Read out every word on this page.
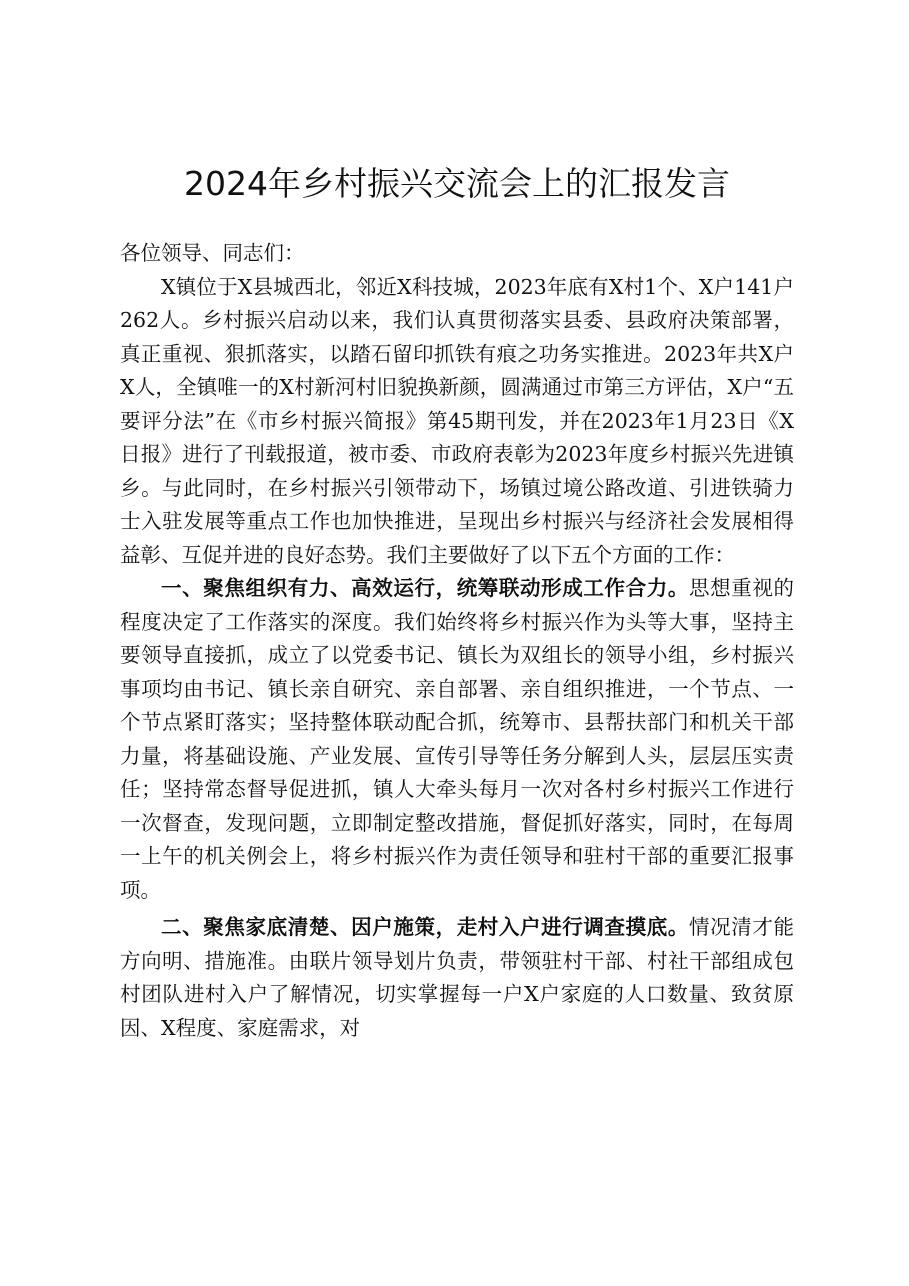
2024年乡村振兴交流会上的汇报发言

各位领导、同志们：

X镇位于X县城西北，邻近X科技城，2023年底有X村1个、X户141户262人。乡村振兴启动以来，我们认真贯彻落实县委、县政府决策部署，真正重视、狠抓落实，以踏石留印抓铁有痕之功务实推进。2023年共X户X人，全镇唯一的X村新河村旧貌换新颜，圆满通过市第三方评估，X户“五要评分法”在《市乡村振兴简报》第45期刊发，并在2023年1月23日《X日报》进行了刊载报道，被市委、市政府表彰为2023年度乡村振兴先进镇乡。与此同时，在乡村振兴引领带动下，场镇过境公路改道、引进铁骑力士入驻发展等重点工作也加快推进，呈现出乡村振兴与经济社会发展相得益彰、互促并进的良好态势。我们主要做好了以下五个方面的工作：

一、聚焦组织有力、高效运行，统筹联动形成工作合力。思想重视的程度决定了工作落实的深度。我们始终将乡村振兴作为头等大事，坚持主要领导直接抓，成立了以党委书记、镇长为双组长的领导小组，乡村振兴事项均由书记、镇长亲自研究、亲自部署、亲自组织推进，一个节点、一个节点紧盯落实；坚持整体联动配合抓，统筹市、县帮扶部门和机关干部力量，将基础设施、产业发展、宣传引导等任务分解到人头，层层压实责任；坚持常态督导促进抓，镇人大牵头每月一次对各村乡村振兴工作进行一次督查，发现问题，立即制定整改措施，督促抓好落实，同时，在每周一上午的机关例会上，将乡村振兴作为责任领导和驻村干部的重要汇报事项。

二、聚焦家底清楚、因户施策，走村入户进行调查摸底。情况清才能方向明、措施准。由联片领导划片负责，带领驻村干部、村社干部组成包村团队进村入户了解情况，切实掌握每一户X户家庭的人口数量、致贫原因、X程度、家庭需求，对
